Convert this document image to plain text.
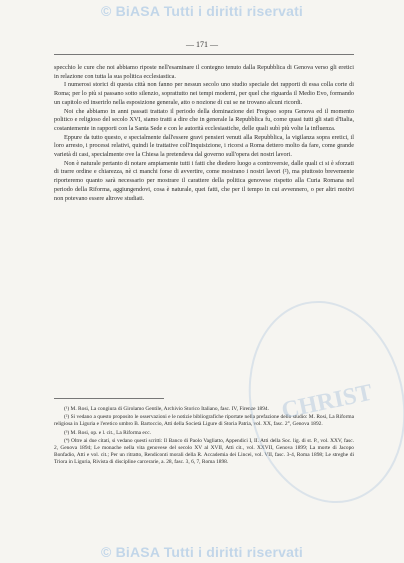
© BiASA Tutti i diritti riservati
— 171 —

specchio le cure che noi abbiamo riposte nell'esaminare il contegno tenuto dalla Repubblica di Genova verso gli eretici in relazione con tutta la sua politica ecclesiastica.

I numerosi storici di questa città non fanno per nessun secolo uno studio speciale dei rapporti di essa colla corte di Roma; per lo più si passano sotto silenzio, soprattutto nei tempi moderni, per quel che riguarda il Medio Evo, formando un capitolo ed inserirlo nella esposizione generale, atto o nozione di cui se ne trovano alcuni ricordi.

Noi che abbiamo in anni passati trattato il periodo della dominazione dei Fregoso sopra Genova ed il momento politico e religioso del secolo XVI, siamo tratti a dire che in generale la Repubblica fu, come quasi tutti gli stati d'Italia, costantemente in rapporti con la Santa Sede e con le autorità ecclesiastiche, delle quali subì più volte la influenza.

Eppure da tutto questo, e specialmente dall'essere gravi pensieri venuti alla Repubblica, la vigilanza sopra eretici, il loro arresto, i processi relativi, quindi le trattative coll'Inquisizione, i ricorsi a Roma dettero molto da fare, come grande varietà di casi, specialmente ove la Chiesa la pretendeva dal governo sull'opera dei nostri lavori.

Non è naturale pertanto di notare ampiamente tutti i fatti che diedero luogo a controversie, dalle quali ci si è sforzati di trarre ordine e chiarezza, nè ci manchi forse di avvertire, come mostrano i nostri lavori (²), ma piuttosto brevemente riporteremo quanto sarà necessario per mostrare il carattere della politica genovese rispetto alla Curia Romana nel periodo della Riforma, aggiungendovi, cosa è naturale, quei fatti, che per il tempo in cui avvennero, o per altri motivi non potevano essere altrove studiati.

(¹) M. Rosi, La congiura di Girolamo Gentile, Archivio Storico Italiano, fasc. IV, Firenze 1894.

(²) Si vedano a questo proposito le osservazioni e le notizie bibliografiche riportate nella prefazione dello studio: M. Rosi, La Riforma religiosa in Liguria e l'eretico umbro B. Bartoccio, Atti della Società Ligure di Storia Patria, vol. XX, fasc. 2°, Genova 1892.

(³) M. Rosi, op. e l. cit., La Riforma ecc.

(⁴) Oltre ai due citati, si vedano questi scritti: Il Banco di Paolo Vagliatto, Appendici I, II. Atti della Soc. lig. di st. P., vol. XXV, fasc. 2, Genova 1894; Le monache nella vita genovese del secolo XV al XVII, Atti cit., vol. XXVII, Genova 1899; La morte di Jacopo Bonfadio, Atti e vol. cit.; Per un ritratto, Rendiconti morali della R. Accademia dei Lincei, vol. VII, fasc. 3-4, Roma 1898; Le streghe di Triora in Liguria, Rivista di discipline carcerarie, a. 28, fasc. 3, 6, 7, Roma 1898.

CHRIST
© BiASA Tutti i diritti riservati
